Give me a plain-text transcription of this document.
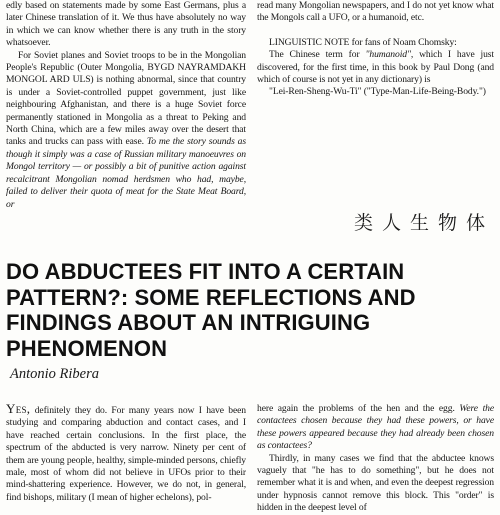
edly based on statements made by some East Germans, plus a later Chinese translation of it. We thus have absolutely no way in which we can know whether there is any truth in the story whatsoever.

For Soviet planes and Soviet troops to be in the Mongolian People's Republic (Outer Mongolia, BYGD NAYRAMDAKH MONGOL ARD ULS) is nothing abnormal, since that country is under a Soviet-controlled puppet government, just like neighbouring Afghanistan, and there is a huge Soviet force permanently stationed in Mongolia as a threat to Peking and North China, which are a few miles away over the desert that tanks and trucks can pass with ease. To me the story sounds as though it simply was a case of Russian military manoeuvres on Mongol territory — or possibly a bit of punitive action against recalcitrant Mongolian nomad herdsmen who had, maybe, failed to deliver their quota of meat for the State Meat Board, or

read many Mongolian newspapers, and I do not yet know what the Mongols call a UFO, or a humanoid, etc.

LINGUISTIC NOTE for fans of Noam Chomsky:

The Chinese term for "humanoid", which I have just discovered, for the first time, in this book by Paul Dong (and which of course is not yet in any dictionary) is

"Lei-Ren-Sheng-Wu-Ti" ("Type-Man-Life-Being-Body.")

类人生物体
DO ABDUCTEES FIT INTO A CERTAIN PATTERN?: SOME REFLECTIONS AND FINDINGS ABOUT AN INTRIGUING PHENOMENON

Antonio Ribera

Yes, definitely they do. For many years now I have been studying and comparing abduction and contact cases, and I have reached certain conclusions. In the first place, the spectrum of the abducted is very narrow. Ninety per cent of them are young people, healthy, simple-minded persons, chiefly male, most of whom did not believe in UFOs prior to their mind-shattering experience. However, we do not, in general, find bishops, military (I mean of higher echelons), pol-

here again the problems of the hen and the egg. Were the contactees chosen because they had these powers, or have these powers appeared because they had already been chosen as contactees?

Thirdly, in many cases we find that the abductee knows vaguely that "he has to do something", but he does not remember what it is and when, and even the deepest regression under hypnosis cannot remove this block. This "order" is hidden in the deepest level of
